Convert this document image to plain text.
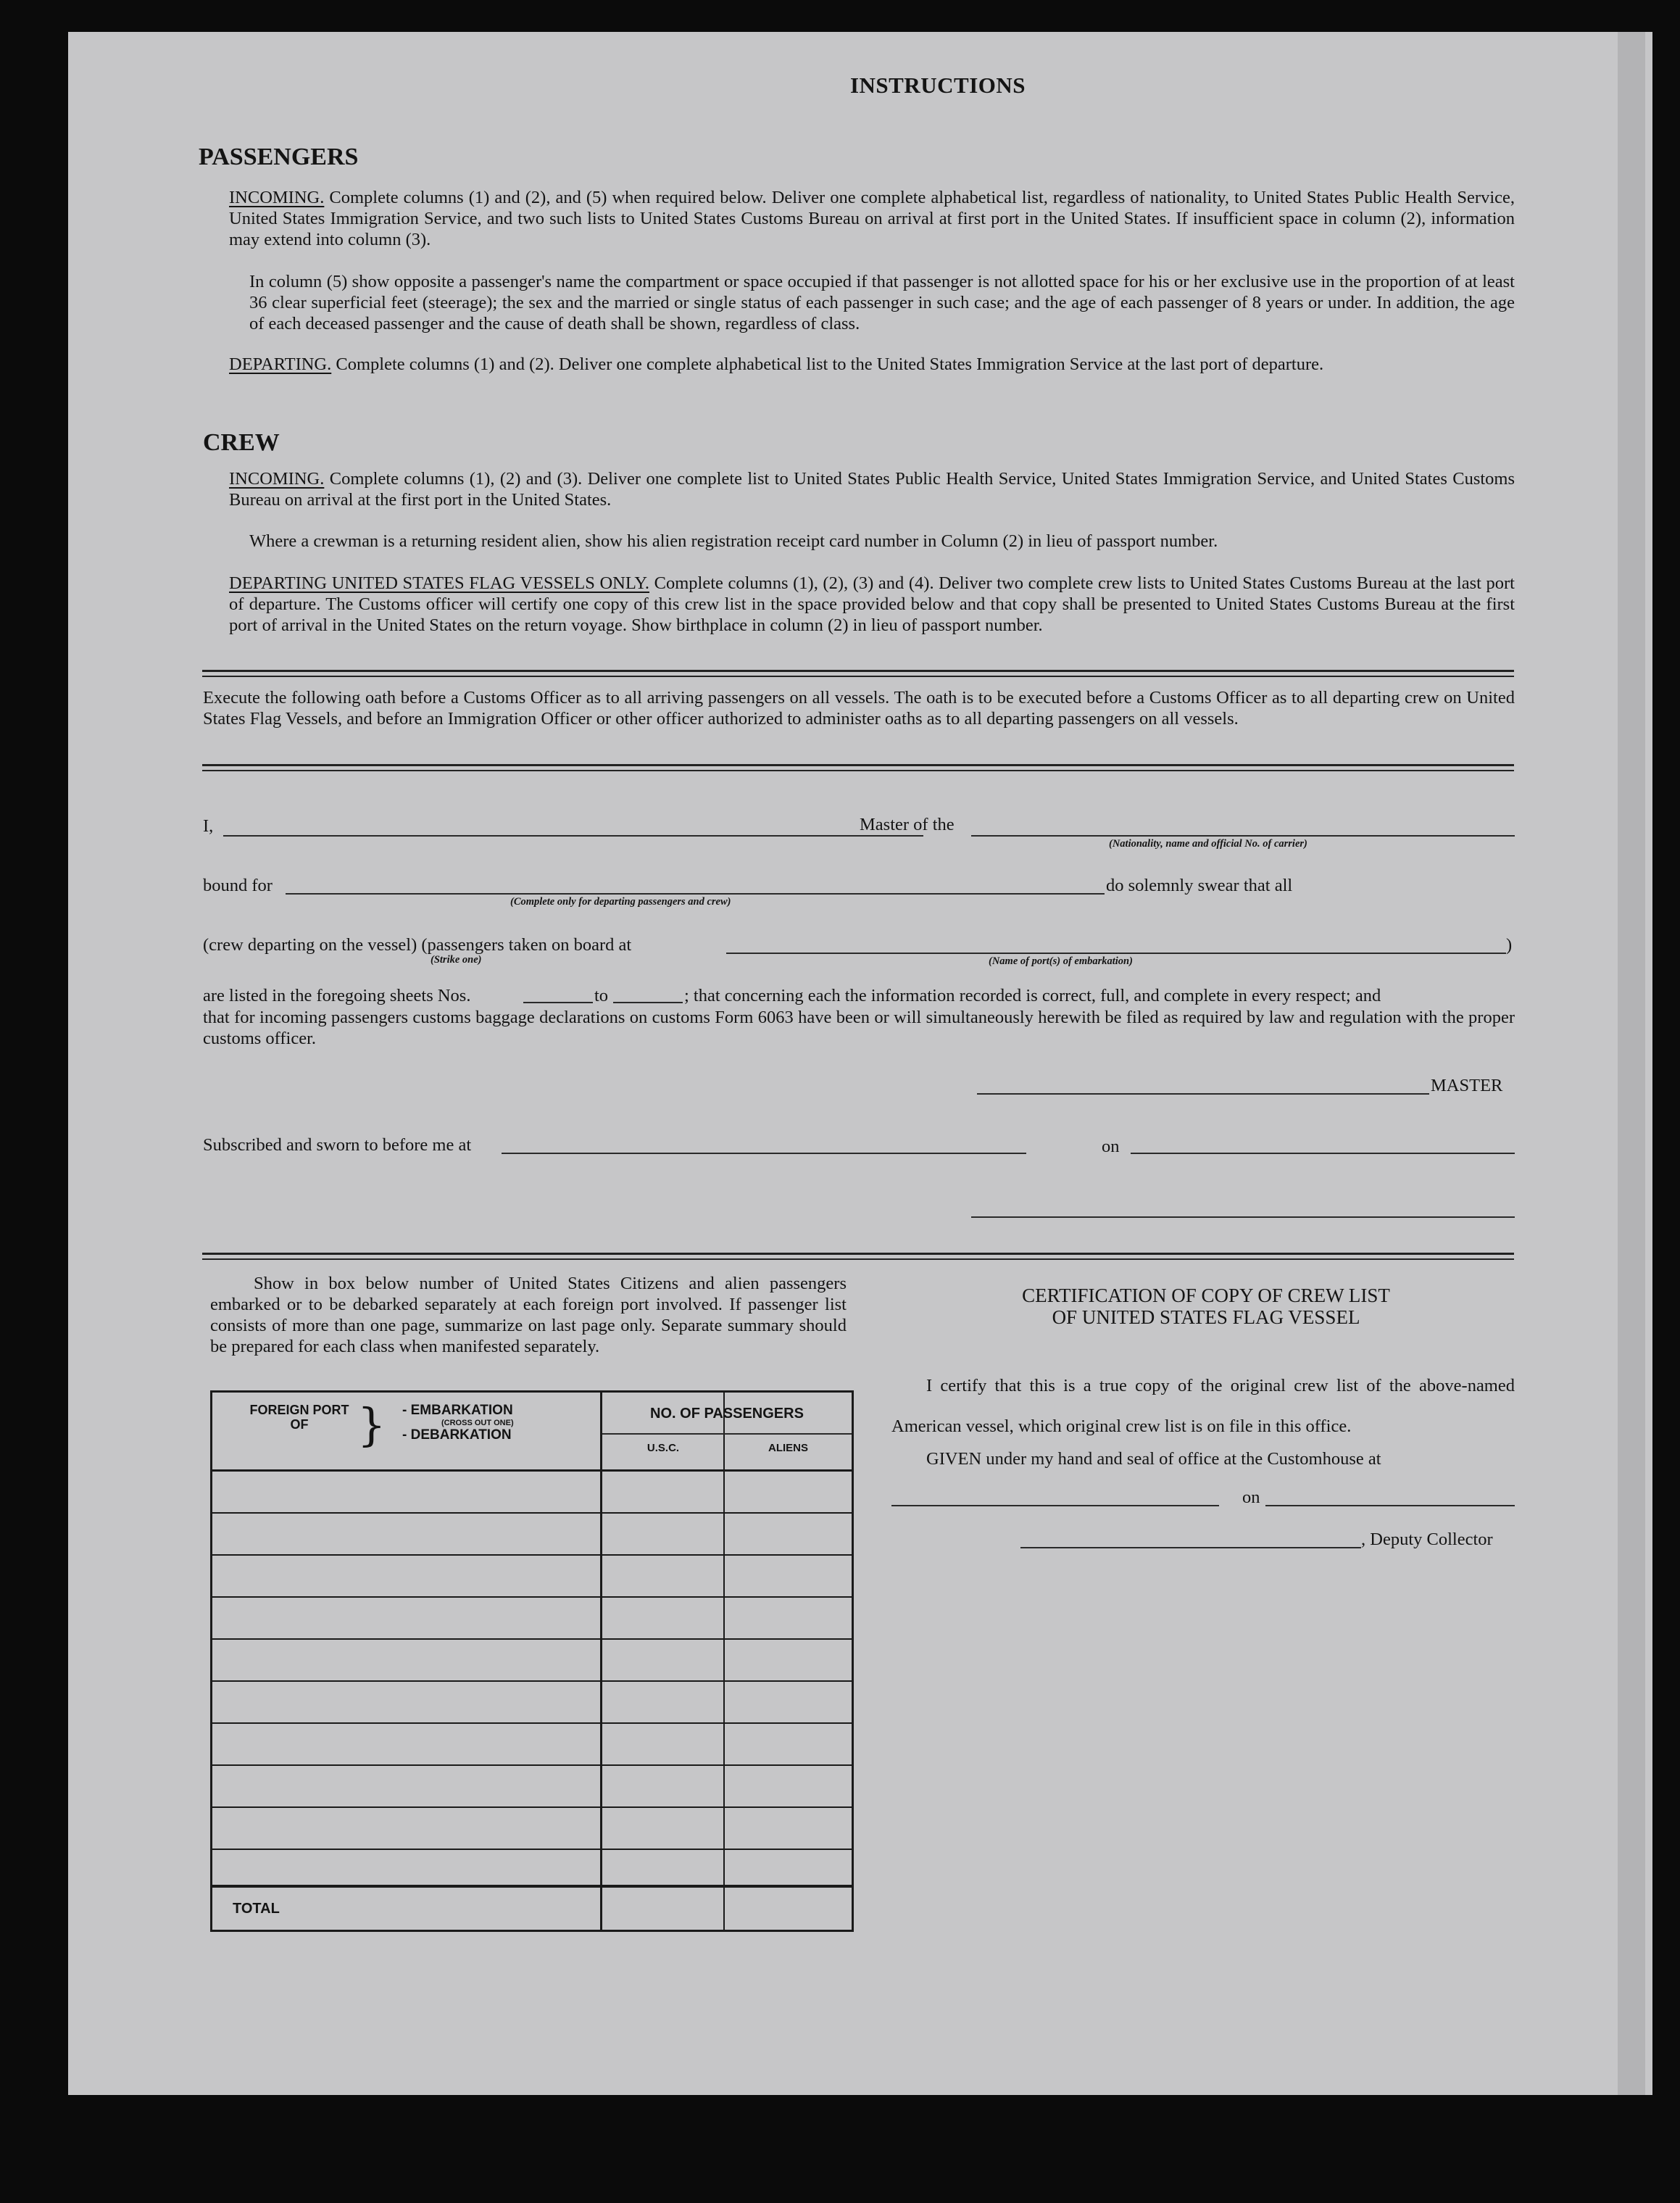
INSTRUCTIONS
PASSENGERS
INCOMING. Complete columns (1) and (2), and (5) when required below. Deliver one complete alphabetical list, regardless of nationality, to United States Public Health Service, United States Immigration Service, and two such lists to United States Customs Bureau on arrival at first port in the United States. If insufficient space in column (2), information may extend into column (3).
In column (5) show opposite a passenger's name the compartment or space occupied if that passenger is not allotted space for his or her exclusive use in the proportion of at least 36 clear superficial feet (steerage); the sex and the married or single status of each passenger in such case; and the age of each passenger of 8 years or under. In addition, the age of each deceased passenger and the cause of death shall be shown, regardless of class.
DEPARTING. Complete columns (1) and (2). Deliver one complete alphabetical list to the United States Immigration Service at the last port of departure.
CREW
INCOMING. Complete columns (1), (2) and (3). Deliver one complete list to United States Public Health Service, United States Immigration Service, and United States Customs Bureau on arrival at the first port in the United States.
Where a crewman is a returning resident alien, show his alien registration receipt card number in Column (2) in lieu of passport number.
DEPARTING UNITED STATES FLAG VESSELS ONLY. Complete columns (1), (2), (3) and (4). Deliver two complete crew lists to United States Customs Bureau at the last port of departure. The Customs officer will certify one copy of this crew list in the space provided below and that copy shall be presented to United States Customs Bureau at the first port of arrival in the United States on the return voyage. Show birthplace in column (2) in lieu of passport number.
Execute the following oath before a Customs Officer as to all arriving passengers on all vessels. The oath is to be executed before a Customs Officer as to all departing crew on United States Flag Vessels, and before an Immigration Officer or other officer authorized to administer oaths as to all departing passengers on all vessels.
I,	Master of the
(Nationality, name and official No. of carrier)
bound for
(Complete only for departing passengers and crew)
do solemnly swear that all
(crew departing on the vessel) (passengers taken on board at	)
(Strike one)	(Name of port(s) of embarkation)
are listed in the foregoing sheets Nos.	to	; that concerning each the information recorded is correct, full, and complete in every respect; and
that for incoming passengers customs baggage declarations on customs Form 6063 have been or will simultaneously herewith be filed as required by law and regulation with the proper customs officer.
MASTER
Subscribed and sworn to before me at	on
Show in box below number of United States Citizens and alien passengers embarked or to be debarked separately at each foreign port involved. If passenger list consists of more than one page, summarize on last page only. Separate summary should be prepared for each class when manifested separately.
FOREIGN PORT OF	} - EMBARKATION
(CROSS OUT ONE)
- DEBARKATION
NO. OF PASSENGERS
U.S.C.	ALIENS
TOTAL
CERTIFICATION OF COPY OF CREW LIST
OF UNITED STATES FLAG VESSEL
I certify that this is a true copy of the original crew list of the above-named American vessel, which original crew list is on file in this office.
GIVEN under my hand and seal of office at the Customhouse at
on
, Deputy Collector
